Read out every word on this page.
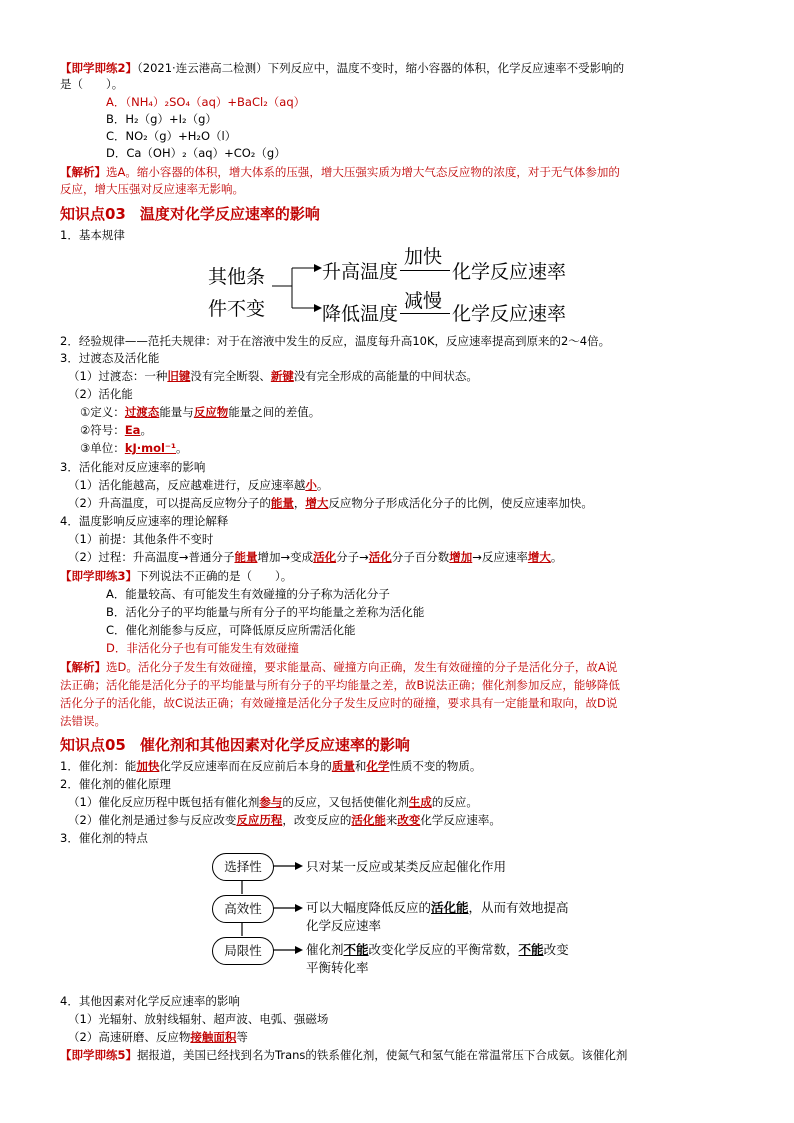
【即学即练2】（2021·连云港高二检测）下列反应中，温度不变时，缩小容器的体积，化学反应速率不受影响的
是（　　）。
A．（NH₄）₂SO₄（aq）+BaCl₂（aq）
B．H₂（g）+I₂（g）
C．NO₂（g）+H₂O（l）
D．Ca（OH）₂（aq）+CO₂（g）
【解析】选A。缩小容器的体积，增大体系的压强，增大压强实质为增大气态反应物的浓度，对于无气体参加的
反应，增大压强对反应速率无影响。
知识点03 温度对化学反应速率的影响
1．基本规律
其他条
件不变
升高温度
加快
化学反应速率
降低温度
减慢
化学反应速率
2．经验规律——范托夫规律：对于在溶液中发生的反应，温度每升高10K，反应速率提高到原来的2～4倍。
3．过渡态及活化能
（1）过渡态：一种旧键没有完全断裂、新键没有完全形成的高能量的中间状态。
（2）活化能
①定义：过渡态能量与反应物能量之间的差值。
②符号：Ea。
③单位：kJ·mol⁻¹。
3．活化能对反应速率的影响
（1）活化能越高，反应越难进行，反应速率越小。
（2）升高温度，可以提高反应物分子的能量，增大反应物分子形成活化分子的比例，使反应速率加快。
4．温度影响反应速率的理论解释
（1）前提：其他条件不变时
（2）过程：升高温度→普通分子能量增加→变成活化分子→活化分子百分数增加→反应速率增大。
【即学即练3】下列说法不正确的是（　　）。
A．能量较高、有可能发生有效碰撞的分子称为活化分子
B．活化分子的平均能量与所有分子的平均能量之差称为活化能
C．催化剂能参与反应，可降低原反应所需活化能
D．非活化分子也有可能发生有效碰撞
【解析】选D。活化分子发生有效碰撞，要求能量高、碰撞方向正确，发生有效碰撞的分子是活化分子，故A说
法正确；活化能是活化分子的平均能量与所有分子的平均能量之差，故B说法正确；催化剂参加反应，能够降低
活化分子的活化能，故C说法正确；有效碰撞是活化分子发生反应时的碰撞，要求具有一定能量和取向，故D说
法错误。
知识点05 催化剂和其他因素对化学反应速率的影响
1．催化剂：能加快化学反应速率而在反应前后本身的质量和化学性质不变的物质。
2．催化剂的催化原理
（1）催化反应历程中既包括有催化剂参与的反应，又包括使催化剂生成的反应。
（2）催化剂是通过参与反应改变反应历程，改变反应的活化能来改变化学反应速率。
3．催化剂的特点
选择性
高效性
局限性
只对某一反应或某类反应起催化作用
可以大幅度降低反应的活化能，从而有效地提高
化学反应速率
催化剂不能改变化学反应的平衡常数，不能改变
平衡转化率
4．其他因素对化学反应速率的影响
（1）光辐射、放射线辐射、超声波、电弧、强磁场
（2）高速研磨、反应物接触面积等
【即学即练5】据报道，美国已经找到名为Trans的铁系催化剂，使氮气和氢气能在常温常压下合成氨。该催化剂
